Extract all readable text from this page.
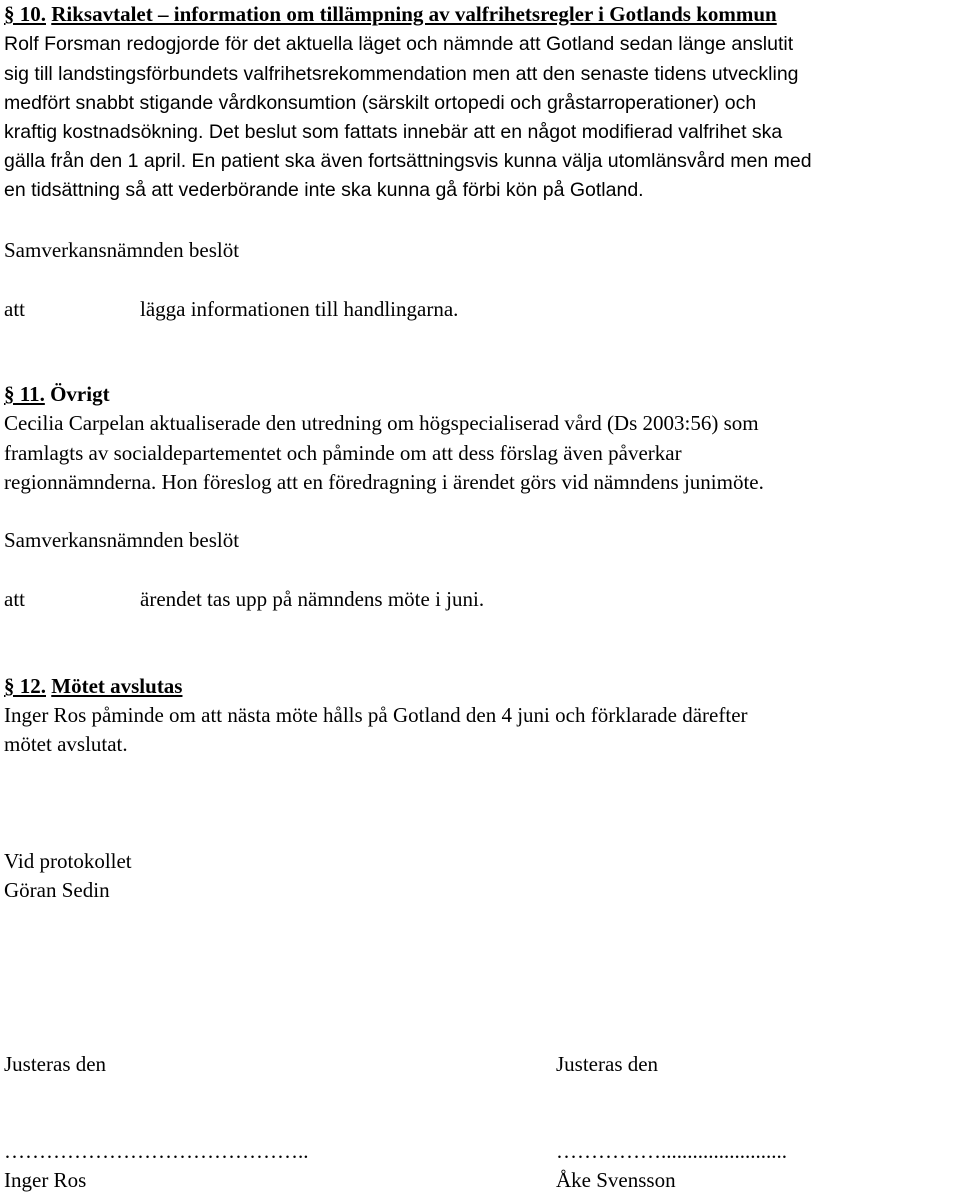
§ 10. Riksavtalet – information om tillämpning av valfrihetsregler i Gotlands kommun
Rolf Forsman redogjorde för det aktuella läget och nämnde att Gotland sedan länge anslutit
sig till landstingsförbundets valfrihetsrekommendation men att den senaste tidens utveckling
medfört snabbt stigande vårdkonsumtion (särskilt ortopedi och gråstarroperationer) och
kraftig kostnadsökning. Det beslut som fattats innebär att en något modifierad valfrihet ska
gälla från den 1 april. En patient ska även fortsättningsvis kunna välja utomlänsvård men med
en tidsättning så att vederbörande inte ska kunna gå förbi kön på Gotland.
Samverkansnämnden beslöt
att	lägga informationen till handlingarna.
§ 11. Övrigt
Cecilia Carpelan aktualiserade den utredning om högspecialiserad vård (Ds 2003:56) som
framlagts av socialdepartementet och påminde om att dess förslag även påverkar
regionnämnderna. Hon föreslog att en föredragning i ärendet görs vid nämndens junimöte.
Samverkansnämnden beslöt
att	ärendet tas upp på nämndens möte i juni.
§ 12. Mötet avslutas
Inger Ros påminde om att nästa möte hålls på Gotland den 4 juni och förklarade därefter
mötet avslutat.
Vid protokollet
Göran Sedin
Justeras den	Justeras den
……………………………………..	……………........................
Inger Ros	Åke Svensson
